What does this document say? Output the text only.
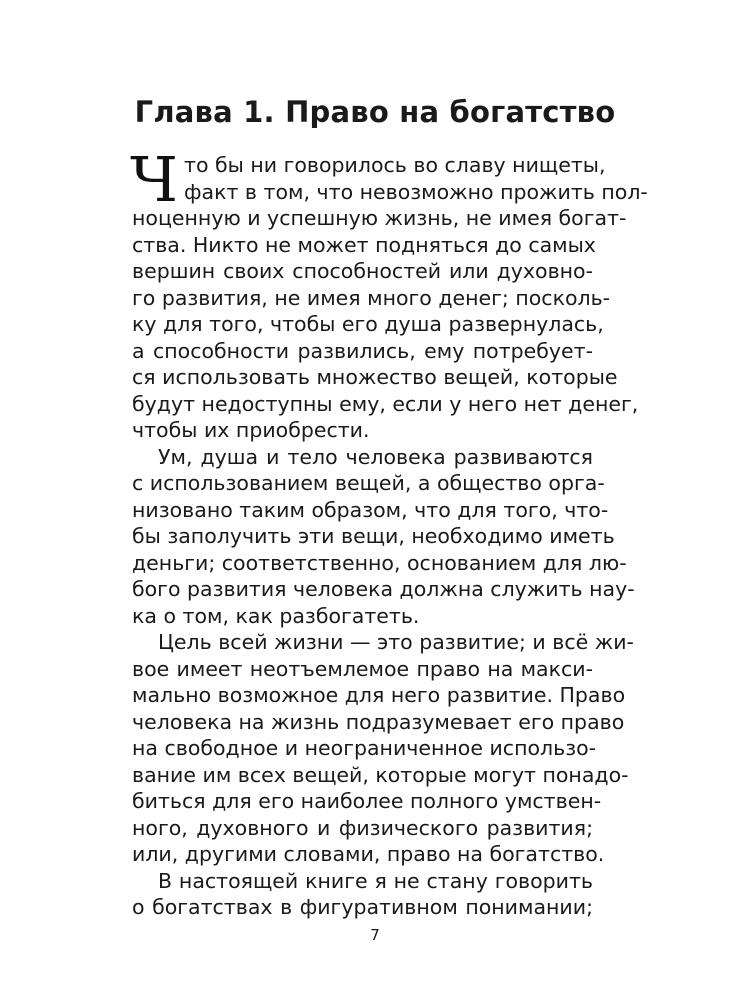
Глава 1. Право на богатство
Ч то бы ни говорилось во славу нищеты,
факт в том, что невозможно прожить пол-
ноценную и успешную жизнь, не имея богат-
ства. Никто не может подняться до самых
вершин своих способностей или духовно-
го развития, не имея много денег; посколь-
ку для того, чтобы его душа развернулась,
а способности развились, ему потребует-
ся использовать множество вещей, которые
будут недоступны ему, если у него нет денег,
чтобы их приобрести.
Ум, душа и тело человека развиваются
с использованием вещей, а общество орга-
низовано таким образом, что для того, что-
бы заполучить эти вещи, необходимо иметь
деньги; соответственно, основанием для лю-
бого развития человека должна служить нау-
ка о том, как разбогатеть.
Цель всей жизни — это развитие; и всё жи-
вое имеет неотъемлемое право на макси-
мально возможное для него развитие. Право
человека на жизнь подразумевает его право
на свободное и неограниченное использо-
вание им всех вещей, которые могут понадо-
биться для его наиболее полного умствен-
ного, духовного и физического развития;
или, другими словами, право на богатство.
В настоящей книге я не стану говорить
о богатствах в фигуративном понимании;
7
